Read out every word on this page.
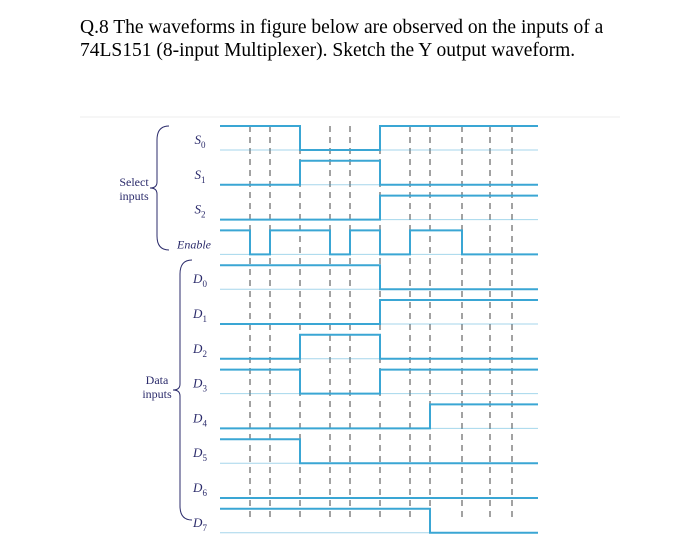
Q.8 The waveforms in figure below are observed on the inputs of a 74LS151 (8-input Multiplexer). Sketch the Y output waveform.
Select
inputs
Data
inputs
$S_0$
$S_1$
$S_2$
Enable
$D_0$
$D_1$
$D_2$
$D_3$
$D_4$
$D_5$
$D_6$
$D_7$
